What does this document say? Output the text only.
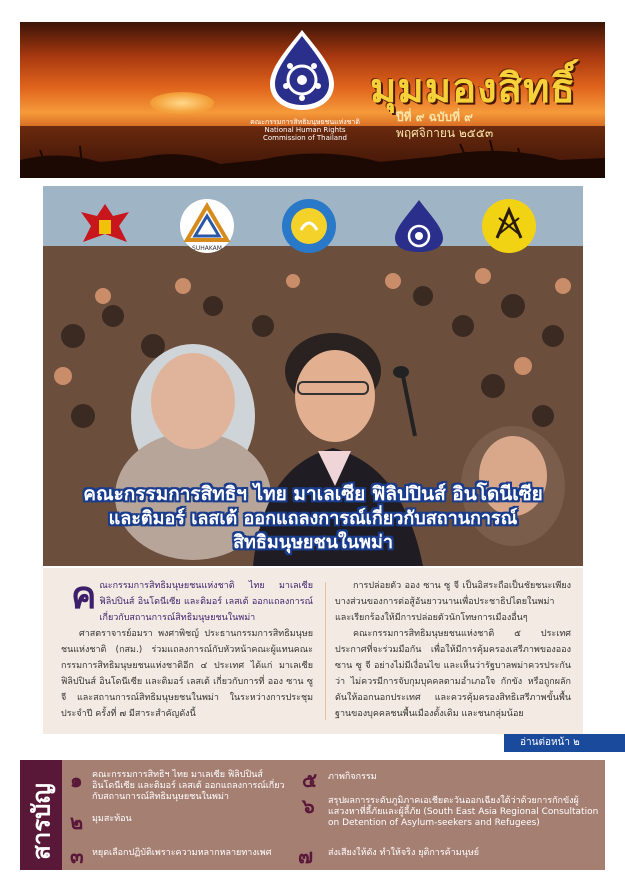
คณะกรรมการสิทธิมนุษยชนแห่งชาติ
National Human Rights Commission of Thailand
มุมมองสิทธิ์
ปีที่ ๙ ฉบับที่ ๙
พฤศจิกายน ๒๕๕๓
SUHAKAM
คณะกรรมการสิทธิฯ ไทย มาเลเซีย ฟิลิปปินส์ อินโดนีเซีย
และติมอร์ เลสเต้ ออกแถลงการณ์เกี่ยวกับสถานการณ์
สิทธิมนุษยชนในพม่า
ค ณะกรรมการสิทธิมนุษยชนแห่งชาติ ไทย มาเลเซีย ฟิลิปปินส์ อินโดนีเซีย และติมอร์ เลสเต้ ออกแถลงการณ์เกี่ยวกับสถานการณ์สิทธิมนุษยชนในพม่า

ศาสตราจารย์อมรา พงศาพิชญ์ ประธานกรรมการสิทธิมนุษยชนแห่งชาติ (กสม.) ร่วมแถลงการณ์กับหัวหน้าคณะผู้แทนคณะกรรมการสิทธิมนุษยชนแห่งชาติอีก ๔ ประเทศ ได้แก่ มาเลเซีย ฟิลิปปินส์ อินโดนีเซีย และติมอร์ เลสเต้ เกี่ยวกับการที่ ออง ซาน ซู จี และสถานการณ์สิทธิมนุษยชนในพม่า ในระหว่างการประชุมประจำปี ครั้งที่ ๗ มีสาระสำคัญดังนี้

การปล่อยตัว ออง ซาน ซู จี เป็นอิสระถือเป็นชัยชนะเพียงบางส่วนของการต่อสู้อันยาวนานเพื่อประชาธิปไตยในพม่า และเรียกร้องให้มีการปล่อยตัวนักโทษการเมืองอื่นๆ

คณะกรรมการสิทธิมนุษยชนแห่งชาติ ๕ ประเทศ ประกาศที่จะร่วมมือกัน เพื่อให้มีการคุ้มครองเสรีภาพของออง ซาน ซู จี อย่างไม่มีเงื่อนไข และเห็นว่ารัฐบาลพม่าควรประกันว่า ไม่ควรมีการจับกุมบุคคลตามอำเภอใจ กักขัง หรือถูกผลักดันให้ออกนอกประเทศ และควรคุ้มครองสิทธิเสรีภาพขั้นพื้นฐานของบุคคลชนพื้นเมืองดั้งเดิม และชนกลุ่มน้อย

อ่านต่อหน้า ๒
สารบัญ
๑ คณะกรรมการสิทธิฯ ไทย มาเลเซีย ฟิลิปปินส์ อินโดนีเซีย และติมอร์ เลสเต้ ออกแถลงการณ์เกี่ยวกับสถานการณ์สิทธิมนุษยชนในพม่า
๒ มุมสะท้อน
๓ หยุดเลือกปฏิบัติเพราะความหลากหลายทางเพศ
๕ ภาพกิจกรรม
๖ สรุปผลการระดับภูมิภาคเอเชียตะวันออกเฉียงใต้ว่าด้วยการกักขังผู้แสวงหาที่ลี้ภัยและผู้ลี้ภัย (South East Asia Regional Consultation on Detention of Asylum-seekers and Refugees)
๗ ส่งเสียงให้ดัง ทำให้จริง ยุติการค้ามนุษย์
